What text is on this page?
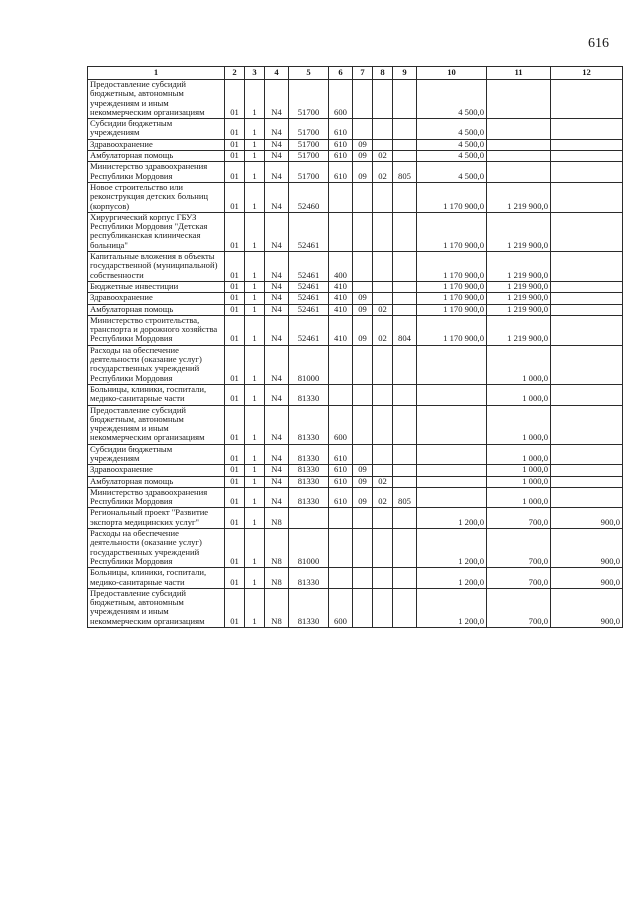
616
1	2	3	4	5	6	7	8	9	10	11	12
Предоставление субсидий бюджетным, автономным учреждениям и иным некоммерческим организациям	01	1	N4	51700	600				4 500,0		
Субсидии бюджетным учреждениям	01	1	N4	51700	610				4 500,0		
Здравоохранение	01	1	N4	51700	610	09			4 500,0		
Амбулаторная помощь	01	1	N4	51700	610	09	02		4 500,0		
Министерство здравоохранения Республики Мордовия	01	1	N4	51700	610	09	02	805	4 500,0		
Новое строительство или реконструкция детских больниц (корпусов)	01	1	N4	52460					1 170 900,0	1 219 900,0	
Хирургический корпус ГБУЗ Республики Мордовия "Детская республиканская клиническая больница"	01	1	N4	52461					1 170 900,0	1 219 900,0	
Капитальные вложения в объекты государственной (муниципальной) собственности	01	1	N4	52461	400				1 170 900,0	1 219 900,0	
Бюджетные инвестиции	01	1	N4	52461	410				1 170 900,0	1 219 900,0	
Здравоохранение	01	1	N4	52461	410	09			1 170 900,0	1 219 900,0	
Амбулаторная помощь	01	1	N4	52461	410	09	02		1 170 900,0	1 219 900,0	
Министерство строительства, транспорта и дорожного хозяйства Республики Мордовия	01	1	N4	52461	410	09	02	804	1 170 900,0	1 219 900,0	
Расходы на обеспечение деятельности (оказание услуг) государственных учреждений Республики Мордовия	01	1	N4	81000						1 000,0	
Больницы, клиники, госпитали, медико-санитарные части	01	1	N4	81330						1 000,0	
Предоставление субсидий бюджетным, автономным учреждениям и иным некоммерческим организациям	01	1	N4	81330	600					1 000,0	
Субсидии бюджетным учреждениям	01	1	N4	81330	610					1 000,0	
Здравоохранение	01	1	N4	81330	610	09				1 000,0	
Амбулаторная помощь	01	1	N4	81330	610	09	02			1 000,0	
Министерство здравоохранения Республики Мордовия	01	1	N4	81330	610	09	02	805		1 000,0	
Региональный проект "Развитие экспорта медицинских услуг"	01	1	N8						1 200,0	700,0	900,0
Расходы на обеспечение деятельности (оказание услуг) государственных учреждений Республики Мордовия	01	1	N8	81000					1 200,0	700,0	900,0
Больницы, клиники, госпитали, медико-санитарные части	01	1	N8	81330					1 200,0	700,0	900,0
Предоставление субсидий бюджетным, автономным учреждениям и иным некоммерческим организациям	01	1	N8	81330	600				1 200,0	700,0	900,0
